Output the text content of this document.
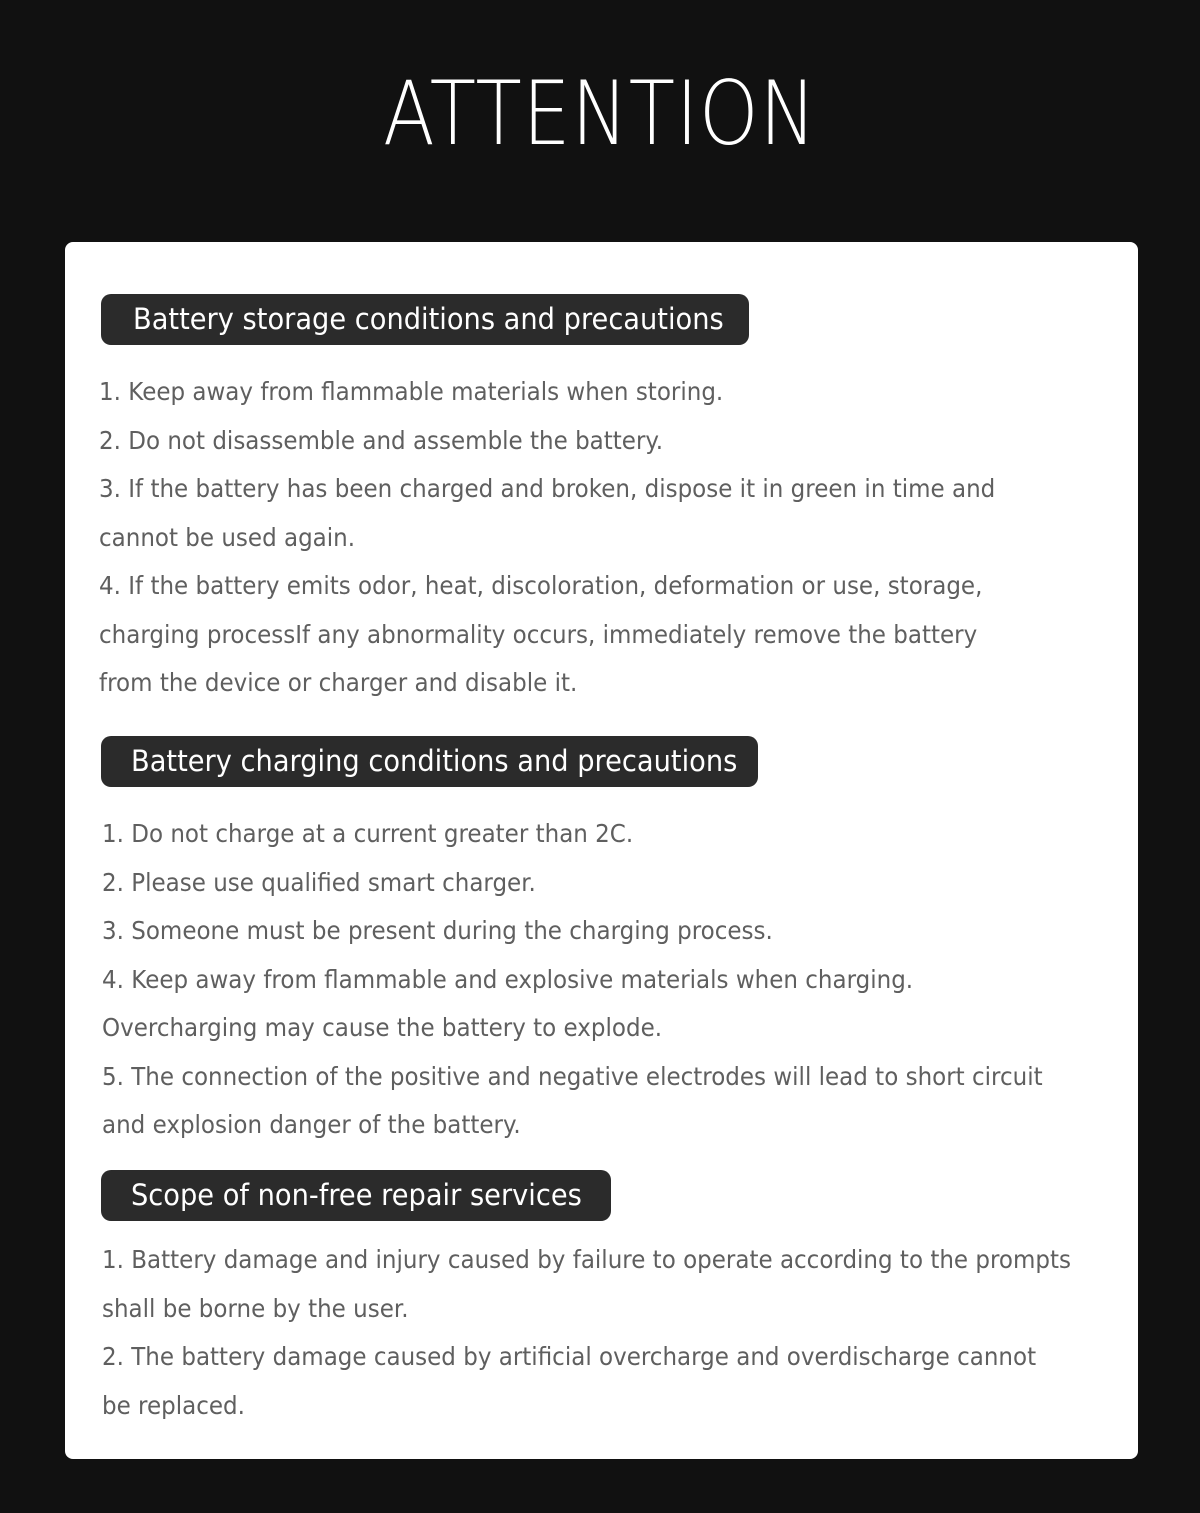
ATTENTION
Battery storage conditions and precautions
1. Keep away from flammable materials when storing.
2. Do not disassemble and assemble the battery.
3. If the battery has been charged and broken, dispose it in green in time and
cannot be used again.
4. If the battery emits odor, heat, discoloration, deformation or use, storage,
charging processIf any abnormality occurs, immediately remove the battery
from the device or charger and disable it.
Battery charging conditions and precautions
1. Do not charge at a current greater than 2C.
2. Please use qualified smart charger.
3. Someone must be present during the charging process.
4. Keep away from flammable and explosive materials when charging.
Overcharging may cause the battery to explode.
5. The connection of the positive and negative electrodes will lead to short circuit
and explosion danger of the battery.
Scope of non-free repair services
1. Battery damage and injury caused by failure to operate according to the prompts
shall be borne by the user.
2. The battery damage caused by artificial overcharge and overdischarge cannot
be replaced.
